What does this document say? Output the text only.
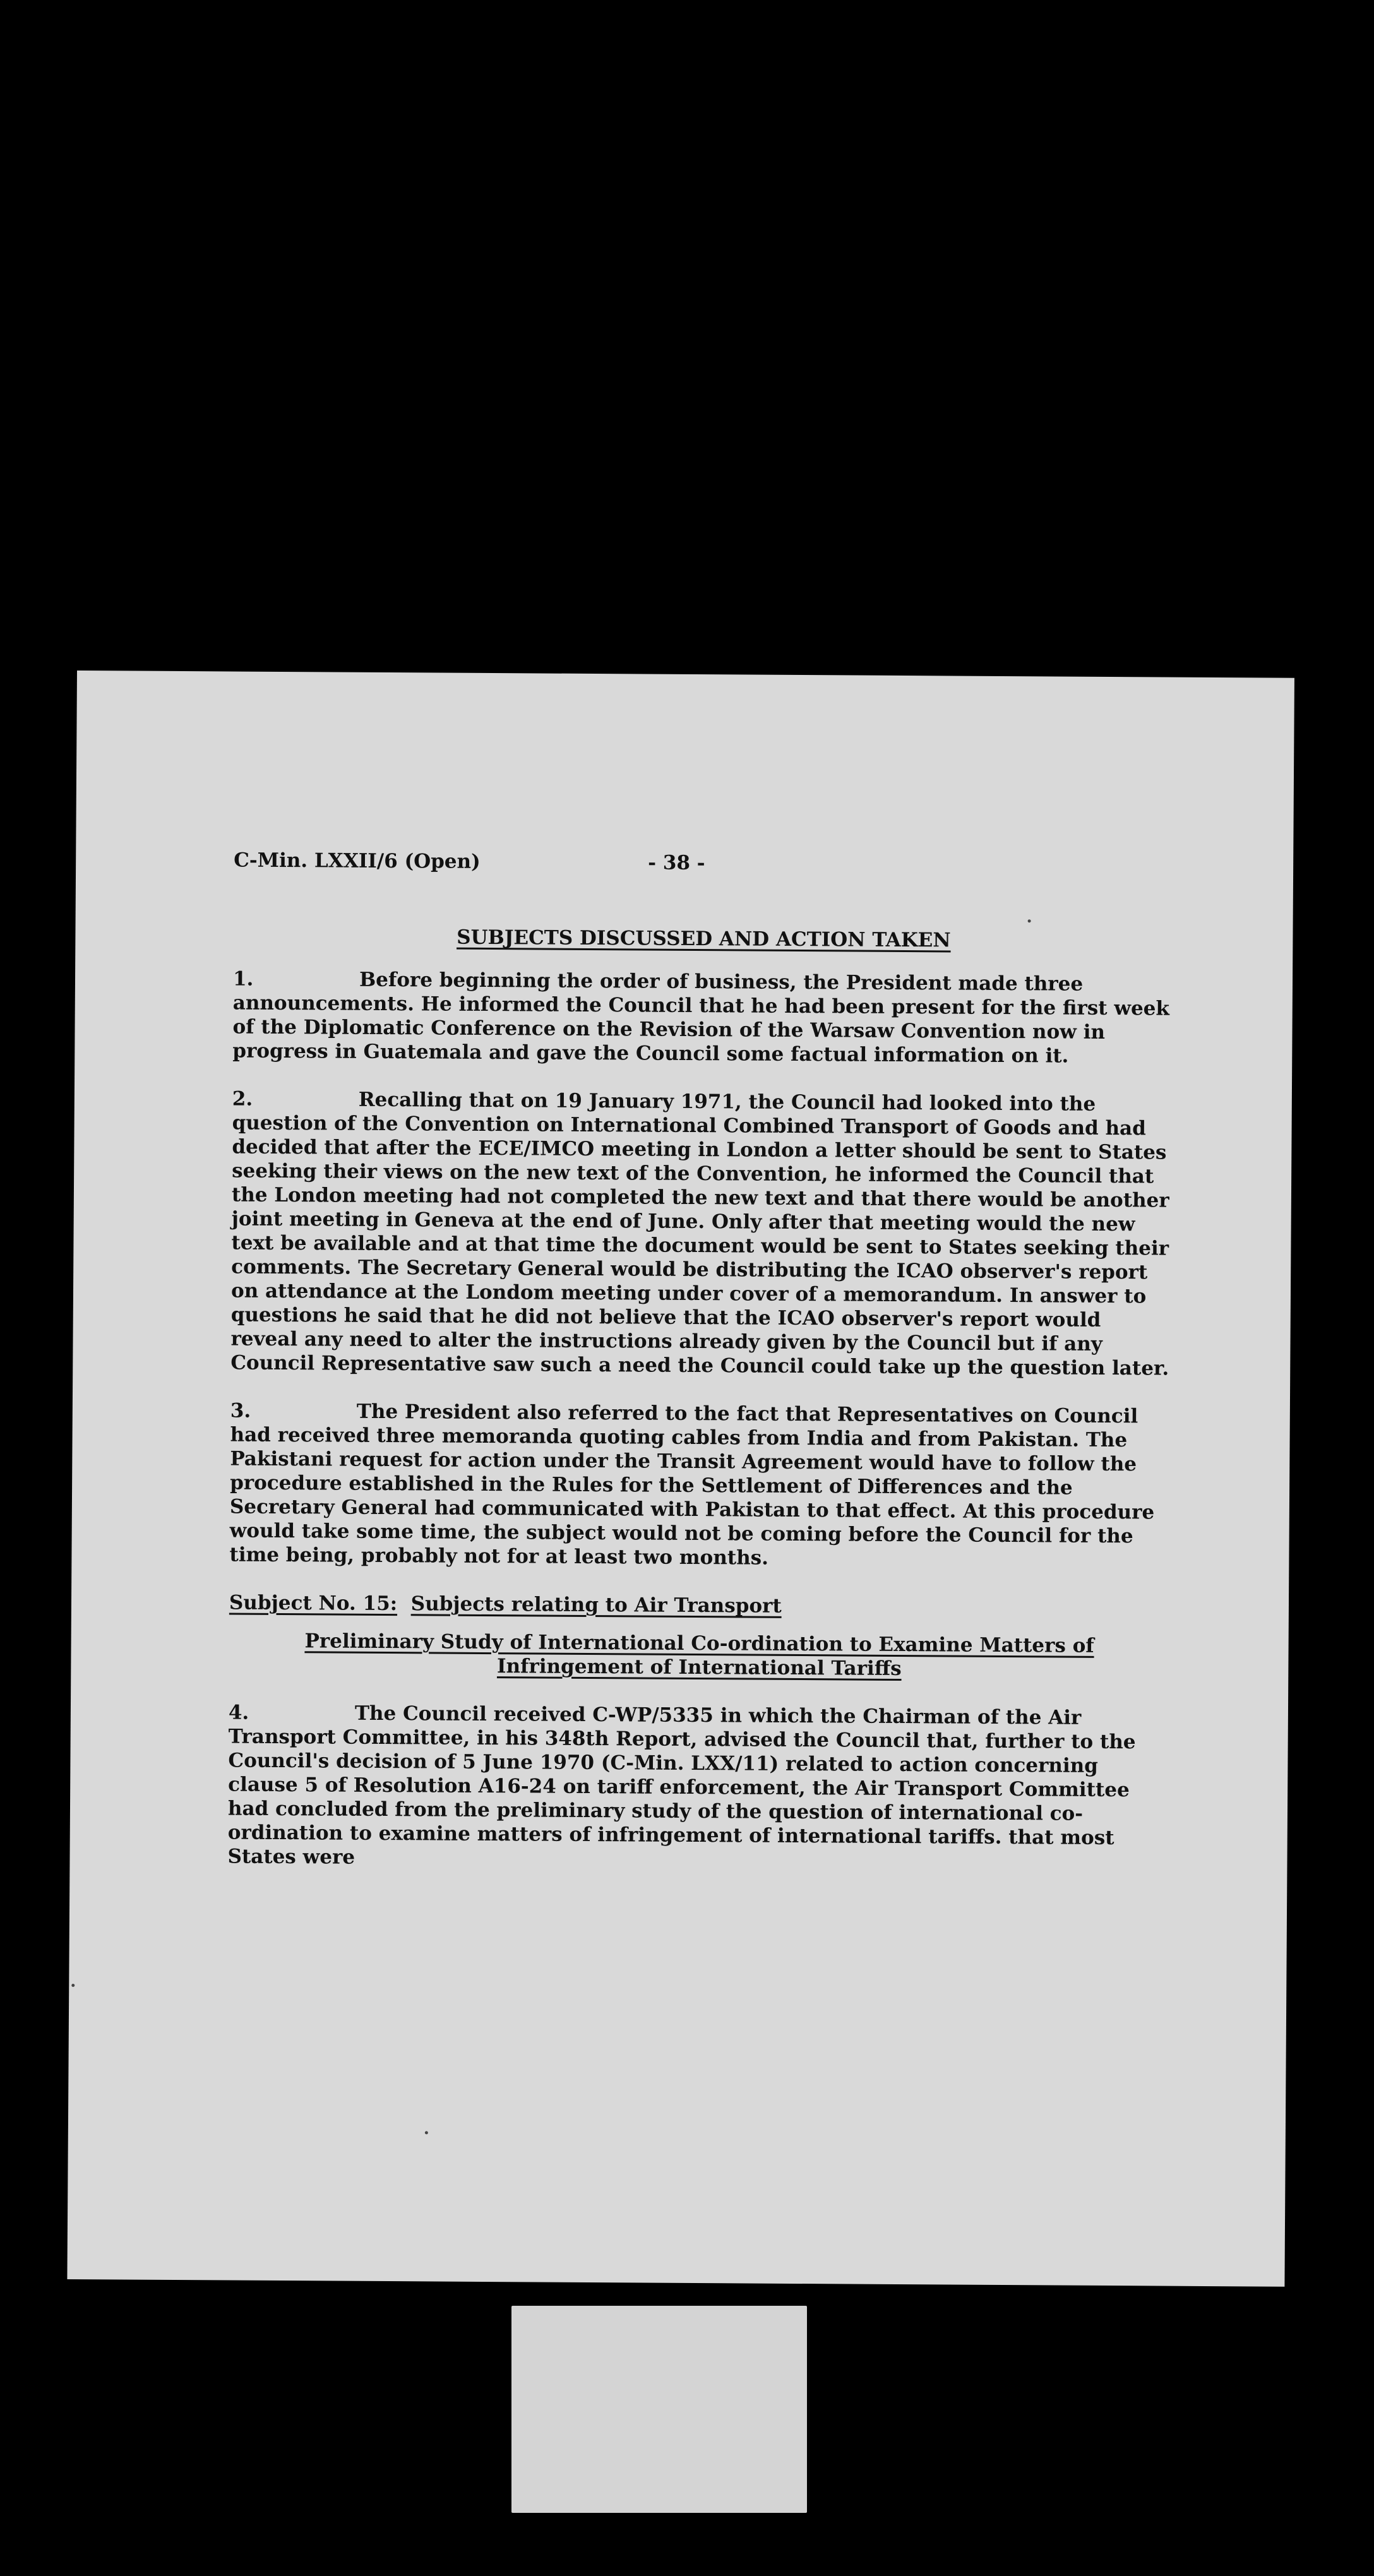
C-Min. LXXII/6 (Open)	- 38 -
SUBJECTS DISCUSSED AND ACTION TAKEN

1.	Before beginning the order of business, the President made three announcements. He informed the Council that he had been present for the first week of the Diplomatic Conference on the Revision of the Warsaw Convention now in progress in Guatemala and gave the Council some factual information on it.

2.	Recalling that on 19 January 1971, the Council had looked into the question of the Convention on International Combined Transport of Goods and had decided that after the ECE/IMCO meeting in London a letter should be sent to States seeking their views on the new text of the Convention, he informed the Council that the London meeting had not completed the new text and that there would be another joint meeting in Geneva at the end of June. Only after that meeting would the new text be available and at that time the document would be sent to States seeking their comments. The Secretary General would be distributing the ICAO observer's report on attendance at the Londom meeting under cover of a memorandum. In answer to questions he said that he did not believe that the ICAO observer's report would reveal any need to alter the instructions already given by the Council but if any Council Representative saw such a need the Council could take up the question later.

3.	The President also referred to the fact that Representatives on Council had received three memoranda quoting cables from India and from Pakistan. The Pakistani request for action under the Transit Agreement would have to follow the procedure established in the Rules for the Settlement of Differences and the Secretary General had communicated with Pakistan to that effect. At this procedure would take some time, the subject would not be coming before the Council for the time being, probably not for at least two months.

Subject No. 15: Subjects relating to Air Transport

Preliminary Study of International Co-ordination to Examine Matters of
Infringement of International Tariffs

4.	The Council received C-WP/5335 in which the Chairman of the Air Transport Committee, in his 348th Report, advised the Council that, further to the Council's decision of 5 June 1970 (C-Min. LXX/11) related to action concerning clause 5 of Resolution A16-24 on tariff enforcement, the Air Transport Committee had concluded from the preliminary study of the question of international co-ordination to examine matters of infringement of international tariffs. that most States were
